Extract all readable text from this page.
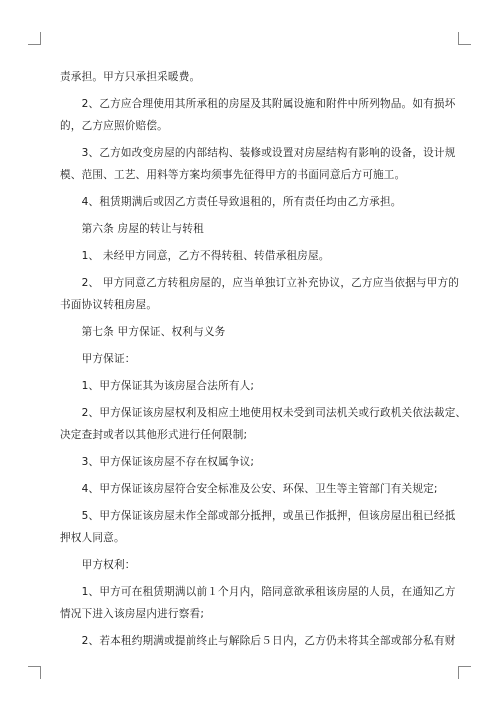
责承担。甲方只承担采暖费。

　　2、乙方应合理使用其所承租的房屋及其附属设施和附件中所列物品。如有损坏
的，乙方应照价赔偿。

　　3、乙方如改变房屋的内部结构、装修或设置对房屋结构有影响的设备，设计规
模、范围、工艺、用料等方案均须事先征得甲方的书面同意后方可施工。

　　4、租赁期满后或因乙方责任导致退租的，所有责任均由乙方承担。

　　第六条 房屋的转让与转租

　　1、 未经甲方同意，乙方不得转租、转借承租房屋。

　　2、 甲方同意乙方转租房屋的，应当单独订立补充协议，乙方应当依据与甲方的
书面协议转租房屋。

　　第七条 甲方保证、权利与义务

　　甲方保证：

　　1、甲方保证其为该房屋合法所有人;

　　2、甲方保证该房屋权利及相应土地使用权未受到司法机关或行政机关依法裁定、
决定查封或者以其他形式进行任何限制;

　　3、甲方保证该房屋不存在权属争议;

　　4、甲方保证该房屋符合安全标准及公安、环保、卫生等主管部门有关规定;

　　5、甲方保证该房屋未作全部或部分抵押，或虽已作抵押，但该房屋出租已经抵
押权人同意。

　　甲方权利：

　　1、甲方可在租赁期满以前１个月内，陪同意欲承租该房屋的人员，在通知乙方
情况下进入该房屋内进行察看;

　　2、若本租约期满或提前终止与解除后５日内，乙方仍未将其全部或部分私有财
